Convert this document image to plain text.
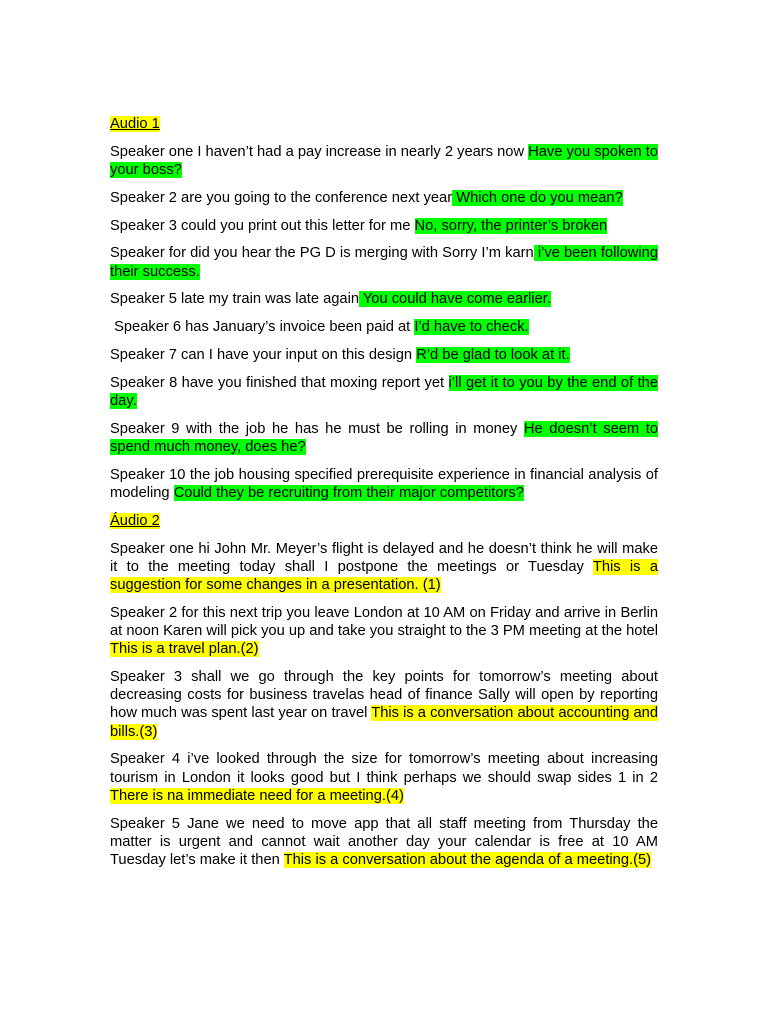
Audio 1

Speaker one I haven’t had a pay increase in nearly 2 years now Have you spoken to your boss?

Speaker 2 are you going to the conference next year Which one do you mean?

Speaker 3 could you print out this letter for me No, sorry, the printer’s broken

Speaker for did you hear the PG D is merging with Sorry I’m karn i’ve been following their success.

Speaker 5 late my train was late again You could have come earlier.

Speaker 6 has January’s invoice been paid at I’d have to check.

Speaker 7 can I have your input on this design R’d be glad to look at it.

Speaker 8 have you finished that moxing report yet i’ll get it to you by the end of the day.

Speaker 9 with the job he has he must be rolling in money He doesn’t seem to spend much money, does he?

Speaker 10 the job housing specified prerequisite experience in financial analysis of modeling Could they be recruiting from their major competitors?

Áudio 2

Speaker one hi John Mr. Meyer’s flight is delayed and he doesn’t think he will make it to the meeting today shall I postpone the meetings or Tuesday This is a suggestion for some changes in a presentation. (1)

Speaker 2 for this next trip you leave London at 10 AM on Friday and arrive in Berlin at noon Karen will pick you up and take you straight to the 3 PM meeting at the hotel This is a travel plan.(2)

Speaker 3 shall we go through the key points for tomorrow’s meeting about decreasing costs for business travelas head of finance Sally will open by reporting how much was spent last year on travel This is a conversation about accounting and bills.(3)

Speaker 4 i’ve looked through the size for tomorrow’s meeting about increasing tourism in London it looks good but I think perhaps we should swap sides 1 in 2 There is na immediate need for a meeting.(4)

Speaker 5 Jane we need to move app that all staff meeting from Thursday the matter is urgent and cannot wait another day your calendar is free at 10 AM Tuesday let’s make it then This is a conversation about the agenda of a meeting.(5)
